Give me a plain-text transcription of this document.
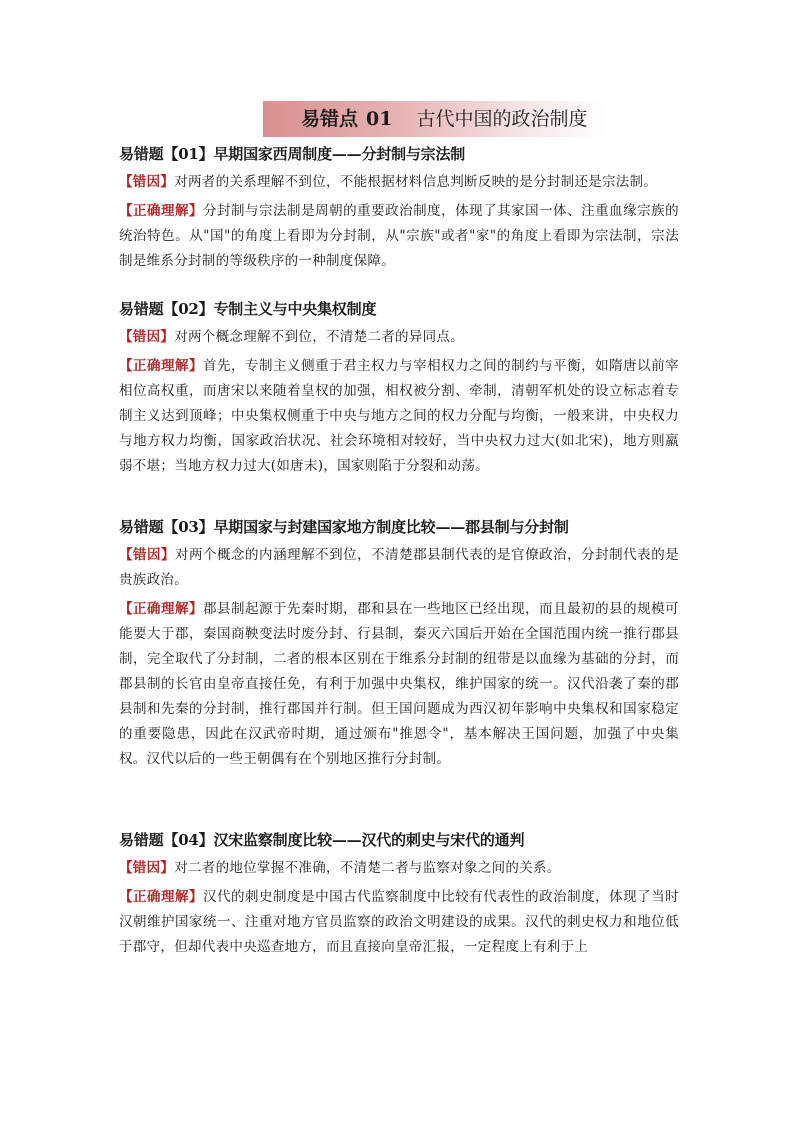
易错点 01 古代中国的政治制度
易错题【01】早期国家西周制度——分封制与宗法制
【错因】对两者的关系理解不到位，不能根据材料信息判断反映的是分封制还是宗法制。
【正确理解】分封制与宗法制是周朝的重要政治制度，体现了其家国一体、注重血缘宗族的统治特色。从"国"的角度上看即为分封制，从"宗族"或者"家"的角度上看即为宗法制，宗法制是维系分封制的等级秩序的一种制度保障。
易错题【02】专制主义与中央集权制度
【错因】对两个概念理解不到位，不清楚二者的异同点。
【正确理解】首先，专制主义侧重于君主权力与宰相权力之间的制约与平衡，如隋唐以前宰相位高权重，而唐宋以来随着皇权的加强，相权被分割、牵制，清朝军机处的设立标志着专制主义达到顶峰；中央集权侧重于中央与地方之间的权力分配与均衡，一般来讲，中央权力与地方权力均衡，国家政治状况、社会环境相对较好，当中央权力过大(如北宋)，地方则羸弱不堪；当地方权力过大(如唐末)，国家则陷于分裂和动荡。
易错题【03】早期国家与封建国家地方制度比较——郡县制与分封制
【错因】对两个概念的内涵理解不到位，不清楚郡县制代表的是官僚政治，分封制代表的是贵族政治。
【正确理解】郡县制起源于先秦时期，郡和县在一些地区已经出现，而且最初的县的规模可能要大于郡，秦国商鞅变法时废分封、行县制，秦灭六国后开始在全国范围内统一推行郡县制，完全取代了分封制，二者的根本区别在于维系分封制的纽带是以血缘为基础的分封，而郡县制的长官由皇帝直接任免，有利于加强中央集权，维护国家的统一。汉代沿袭了秦的郡县制和先秦的分封制，推行郡国并行制。但王国问题成为西汉初年影响中央集权和国家稳定的重要隐患，因此在汉武帝时期，通过颁布"推恩令"，基本解决王国问题，加强了中央集权。汉代以后的一些王朝偶有在个别地区推行分封制。
易错题【04】汉宋监察制度比较——汉代的刺史与宋代的通判
【错因】对二者的地位掌握不准确，不清楚二者与监察对象之间的关系。
【正确理解】汉代的刺史制度是中国古代监察制度中比较有代表性的政治制度，体现了当时汉朝维护国家统一、注重对地方官员监察的政治文明建设的成果。汉代的刺史权力和地位低于郡守，但却代表中央巡查地方，而且直接向皇帝汇报，一定程度上有利于上
